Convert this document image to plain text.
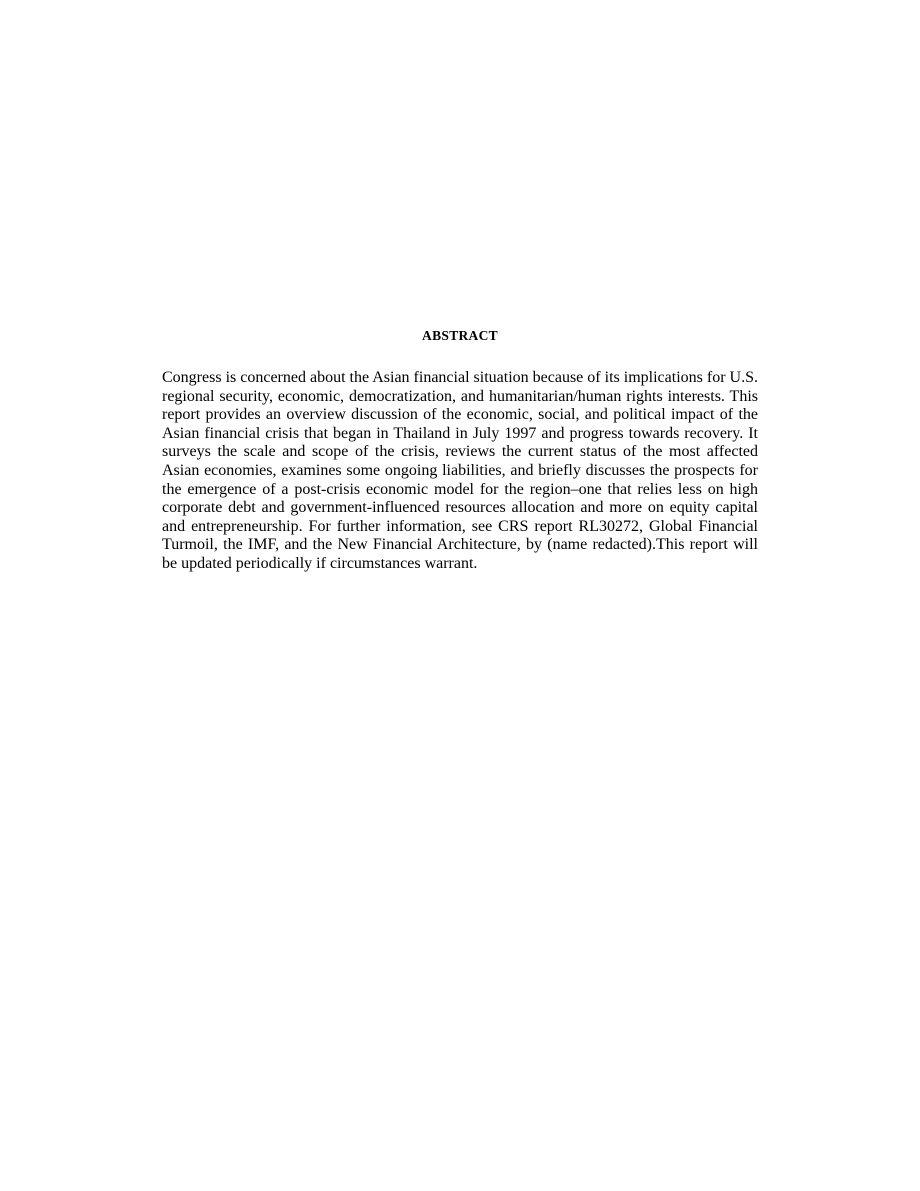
ABSTRACT

Congress is concerned about the Asian financial situation because of its implications for U.S. regional security, economic, democratization, and humanitarian/human rights interests. This report provides an overview discussion of the economic, social, and political impact of the Asian financial crisis that began in Thailand in July 1997 and progress towards recovery. It surveys the scale and scope of the crisis, reviews the current status of the most affected Asian economies, examines some ongoing liabilities, and briefly discusses the prospects for the emergence of a post-crisis economic model for the region–one that relies less on high corporate debt and government-influenced resources allocation and more on equity capital and entrepreneurship. For further information, see CRS report RL30272, Global Financial Turmoil, the IMF, and the New Financial Architecture, by (name redacted).This report will be updated periodically if circumstances warrant.
